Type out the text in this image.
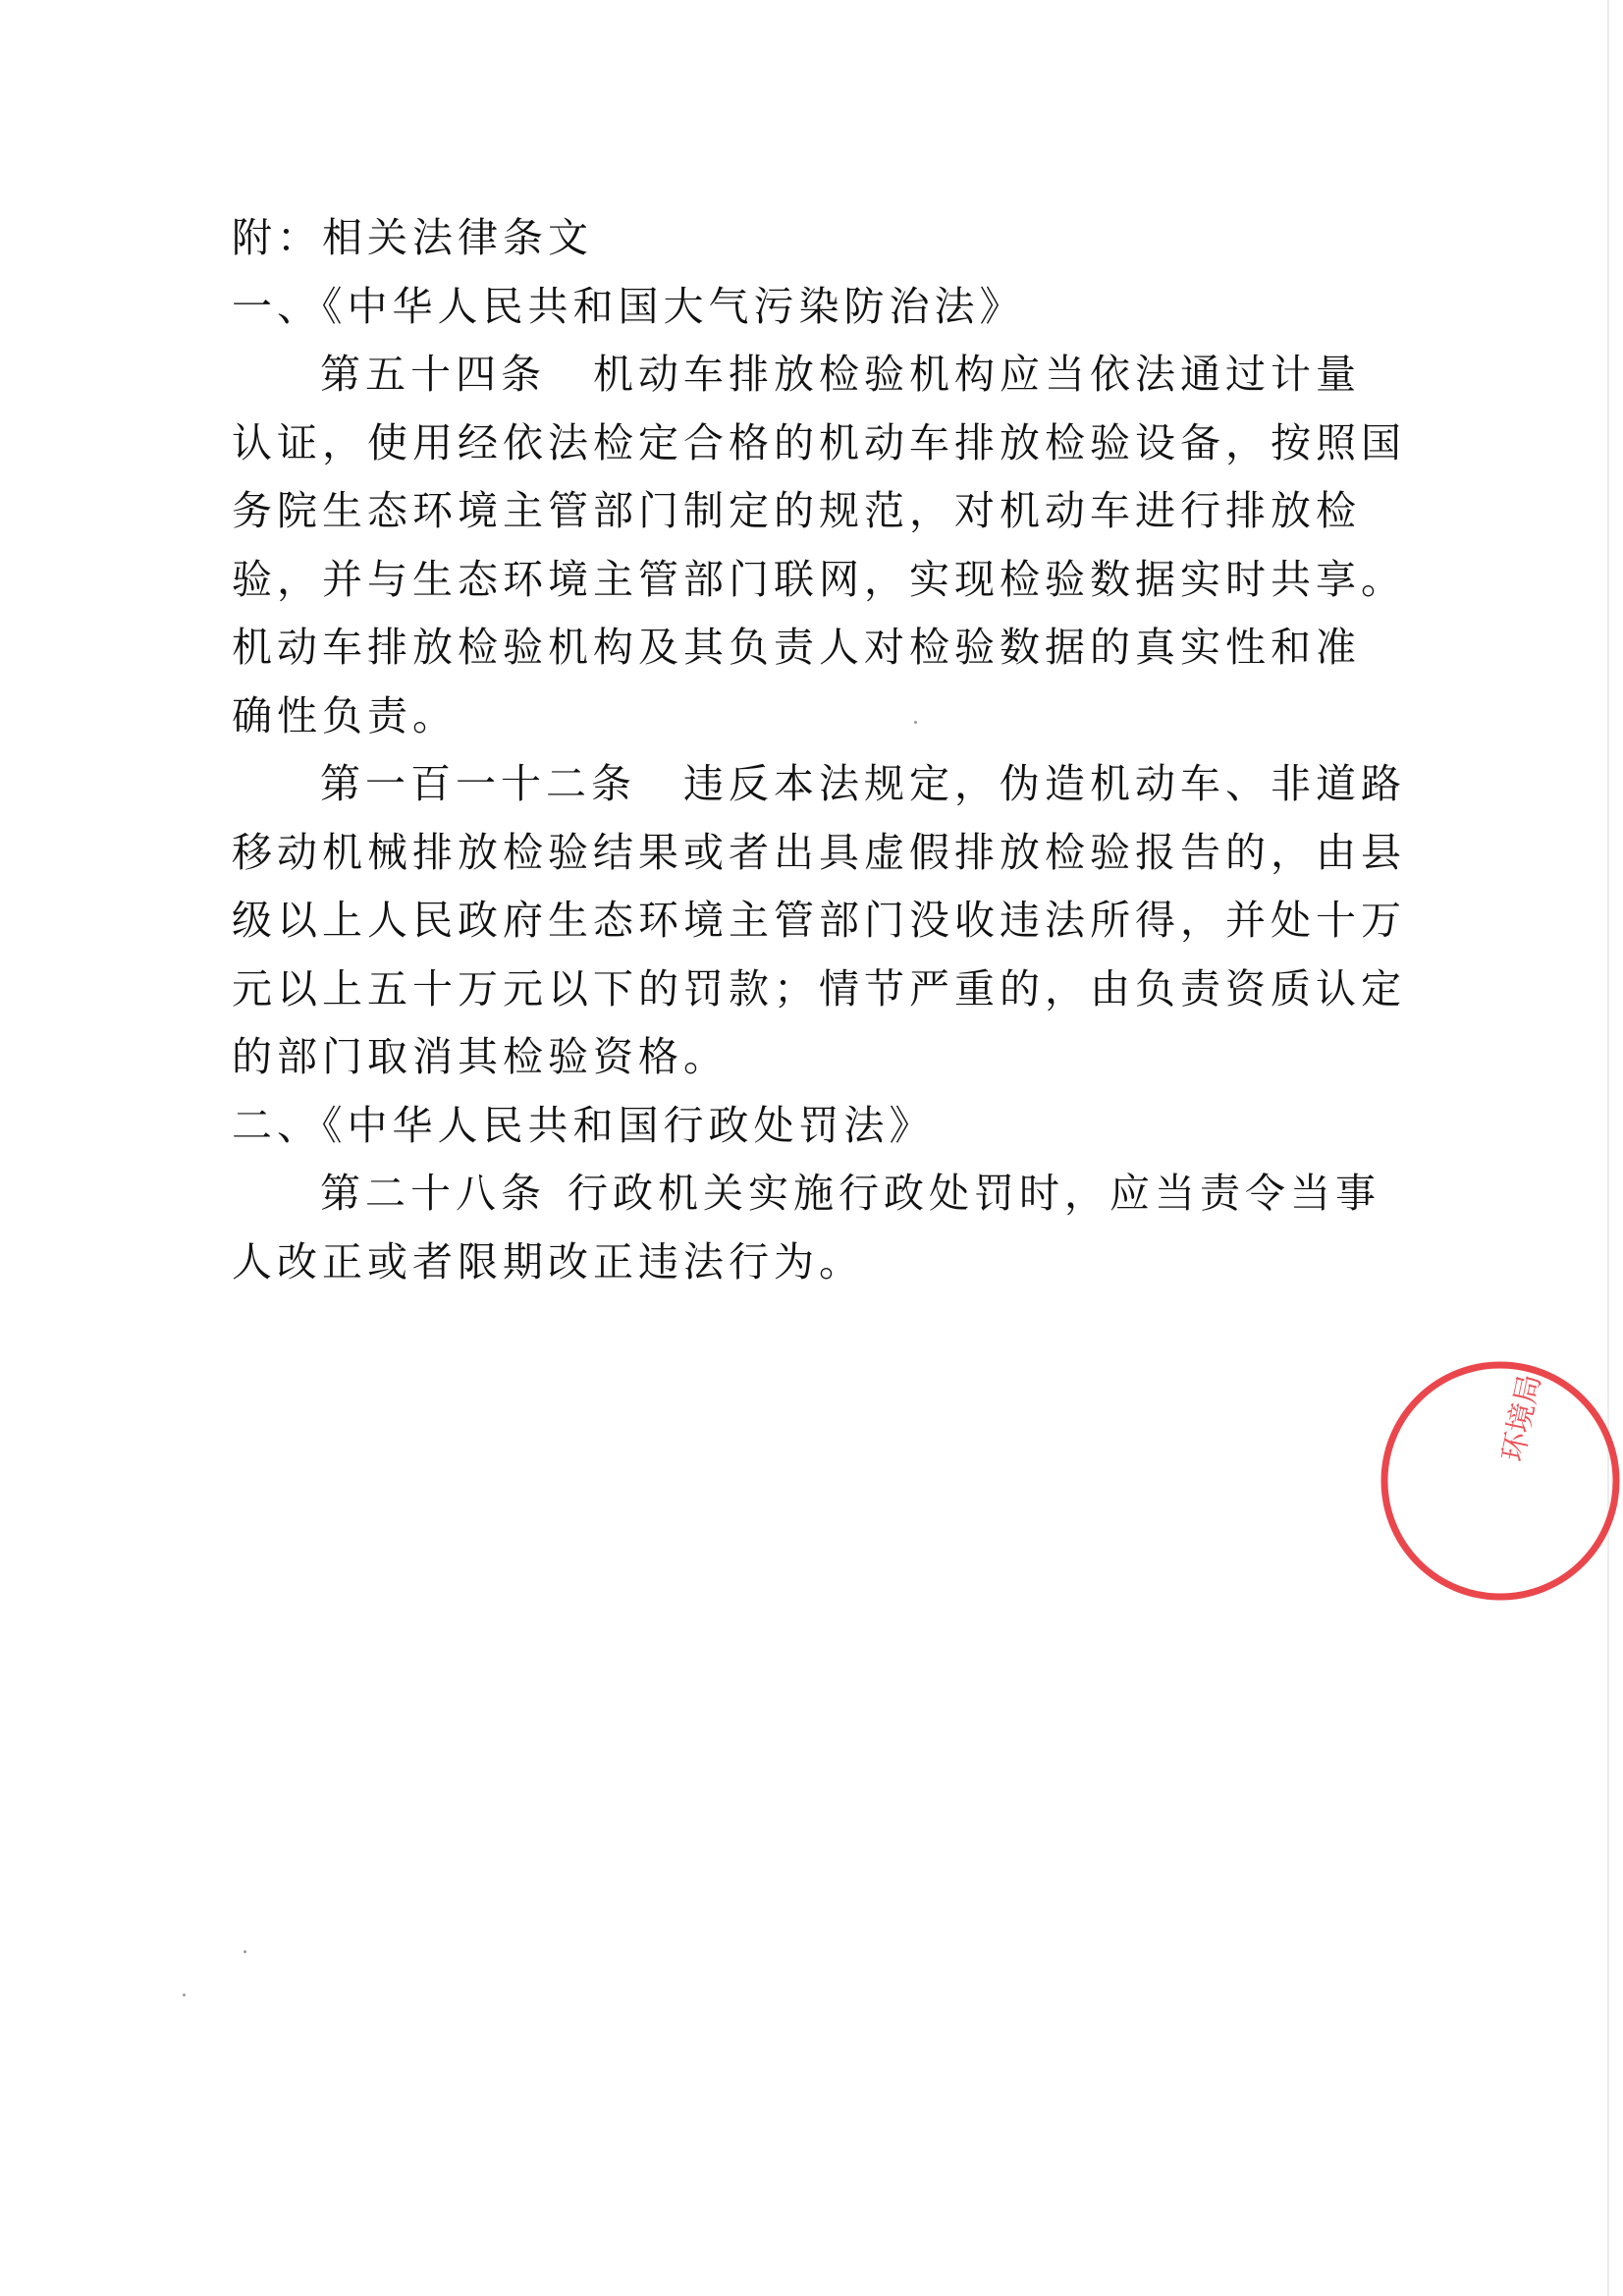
附：相关法律条文
一、《中华人民共和国大气污染防治法》
第五十四条 机动车排放检验机构应当依法通过计量
认证，使用经依法检定合格的机动车排放检验设备，按照国
务院生态环境主管部门制定的规范，对机动车进行排放检
验，并与生态环境主管部门联网，实现检验数据实时共享。
机动车排放检验机构及其负责人对检验数据的真实性和准
确性负责。
第一百一十二条 违反本法规定，伪造机动车、非道路
移动机械排放检验结果或者出具虚假排放检验报告的，由县
级以上人民政府生态环境主管部门没收违法所得，并处十万
元以上五十万元以下的罚款；情节严重的，由负责资质认定
的部门取消其检验资格。
二、《中华人民共和国行政处罚法》
第二十八条 行政机关实施行政处罚时，应当责令当事
人改正或者限期改正违法行为。
环境局
